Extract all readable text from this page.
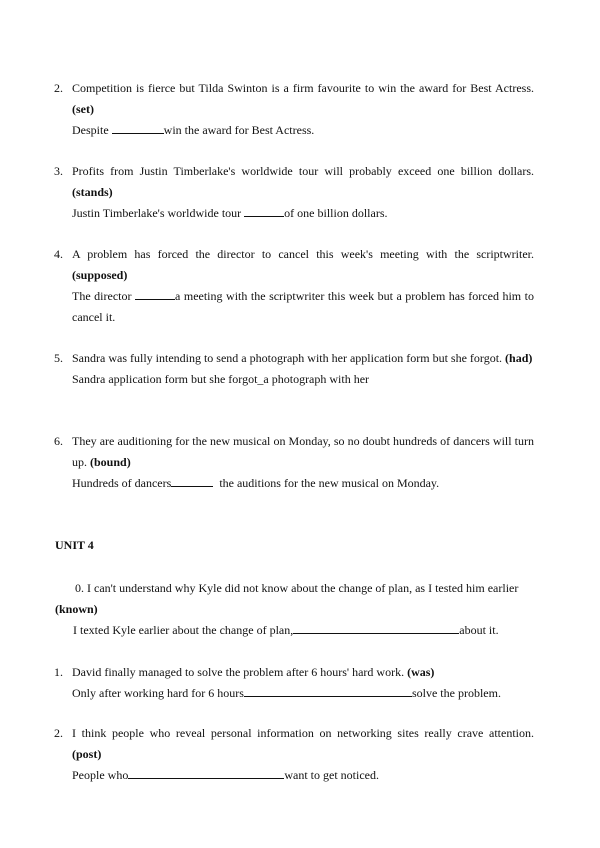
2. Competition is fierce but Tilda Swinton is a firm favourite to win the award for Best Actress. (set)

Despite	win the award for Best Actress.

3. Profits from Justin Timberlake's worldwide tour will probably exceed one billion dollars.(stands)

Justin Timberlake's worldwide tour	of one billion dollars.

4. A problem has forced the director to cancel this week's meeting with the scriptwriter. (supposed)

The director	a meeting with the scriptwriter this week but a problem has forced him to cancel it.

5. Sandra was fully intending to send a photograph with her application form but she forgot. (had)

Sandra application form but she forgot_a photograph with her

6. They are auditioning for the new musical on Monday, so no doubt hundreds of dancers will turn up. (bound)

Hundreds of dancers	the auditions for the new musical on Monday.

UNIT 4

0. I can't understand why Kyle did not know about the change of plan, as I tested him earlier

(known)

I texted Kyle earlier about the change of plan,	about it.

1. David finally managed to solve the problem after 6 hours' hard work. (was)

Only after working hard for 6 hours	solve the problem.

2. I think people who reveal personal information on networking sites really crave attention. (post)

People who	want to get noticed.
